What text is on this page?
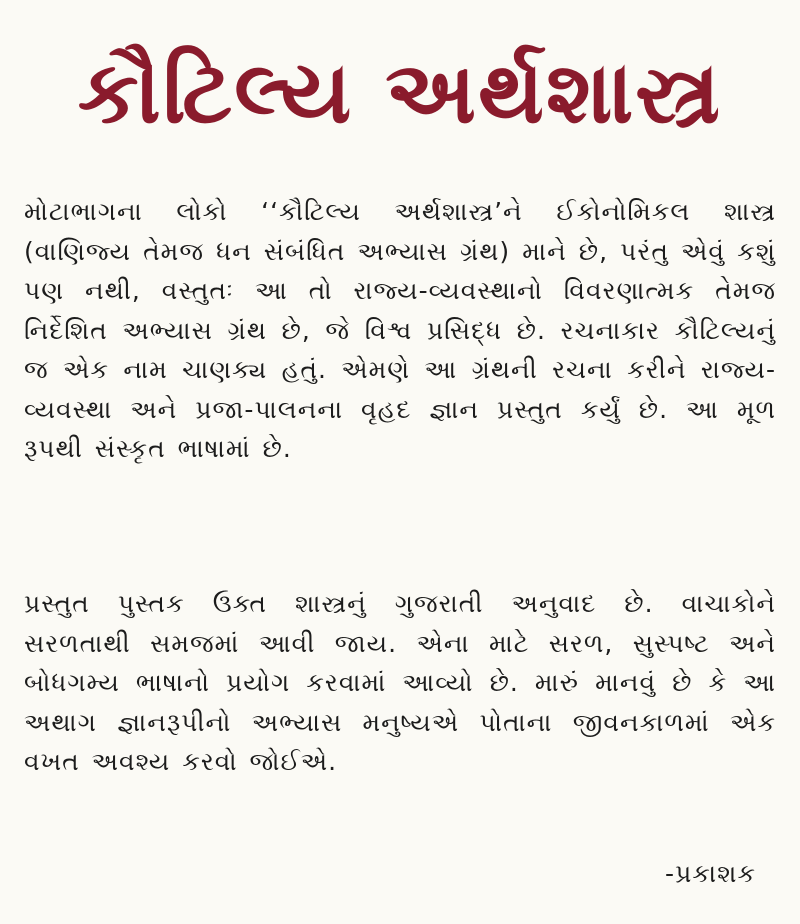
કૌટિલ્ય અર્થશાસ્ત્ર

મોટાભાગના લોકો ‘‘કૌટિલ્ય અર્થશાસ્ત્ર’ને ઈકોનોમિકલ શાસ્ત્ર (વાણિજ્ય તેમજ ધન સંબંધિત અભ્યાસ ગ્રંથ) માને છે, પરંતુ એવું કશું પણ નથી, વસ્તુતઃ આ તો રાજ્ય-વ્યવસ્થાનો વિવરણાત્મક તેમજ નિર્દેશિત અભ્યાસ ગ્રંથ છે, જે વિશ્વ પ્રસિદ્ધ છે. રચનાકાર કૌટિલ્યનું જ એક નામ ચાણક્ય હતું. એમણે આ ગ્રંથની રચના કરીને રાજ્ય-વ્યવસ્થા અને પ્રજા-પાલનના વૃહદ જ્ઞાન પ્રસ્તુત કર્યું છે. આ મૂળ રૂપથી સંસ્કૃત ભાષામાં છે.

પ્રસ્તુત પુસ્તક ઉક્ત શાસ્ત્રનું ગુજરાતી અનુવાદ છે. વાચાકોને સરળતાથી સમજમાં આવી જાય. એના માટે સરળ, સુસ્પષ્ટ અને બોધગમ્ય ભાષાનો પ્રયોગ કરવામાં આવ્યો છે. મારું માનવું છે કે આ અથાગ જ્ઞાનરૂપીનો અભ્યાસ મનુષ્યએ પોતાના જીવનકાળમાં એક વખત અવશ્ય કરવો જોઈએ.

-પ્રકાશક
